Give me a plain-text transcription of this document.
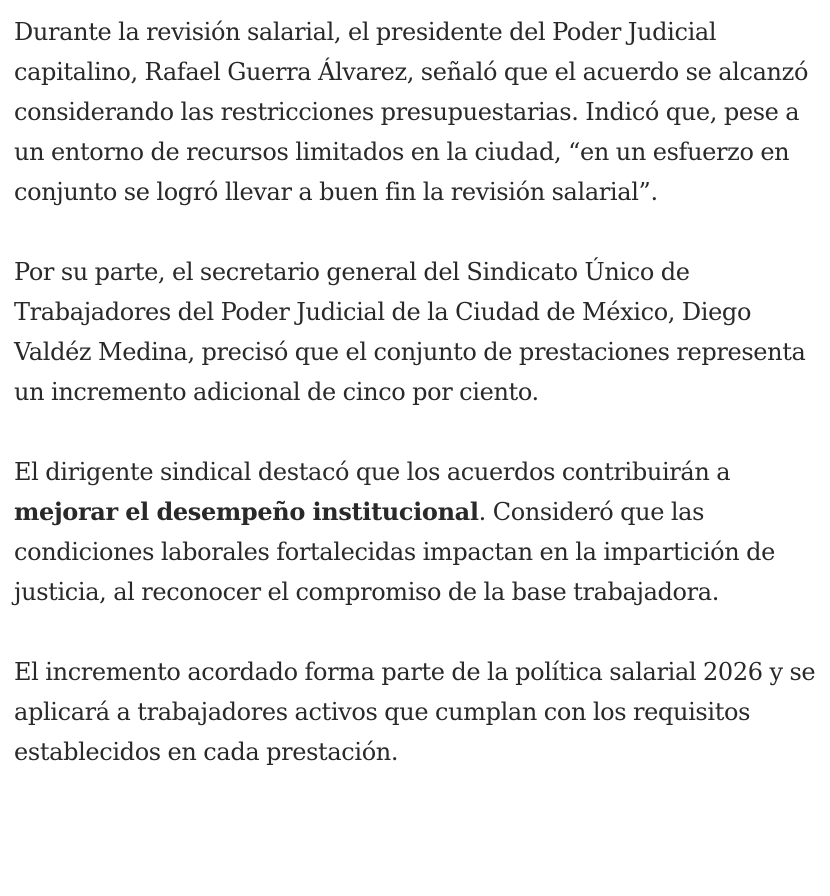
Durante la revisión salarial, el presidente del Poder Judicial capitalino, Rafael Guerra Álvarez, señaló que el acuerdo se alcanzó considerando las restricciones presupuestarias. Indicó que, pese a un entorno de recursos limitados en la ciudad, “en un esfuerzo en conjunto se logró llevar a buen fin la revisión salarial”.

Por su parte, el secretario general del Sindicato Único de Trabajadores del Poder Judicial de la Ciudad de México, Diego Valdéz Medina, precisó que el conjunto de prestaciones representa un incremento adicional de cinco por ciento.

El dirigente sindical destacó que los acuerdos contribuirán a mejorar el desempeño institucional. Consideró que las condiciones laborales fortalecidas impactan en la impartición de justicia, al reconocer el compromiso de la base trabajadora.

El incremento acordado forma parte de la política salarial 2026 y se aplicará a trabajadores activos que cumplan con los requisitos establecidos en cada prestación.
